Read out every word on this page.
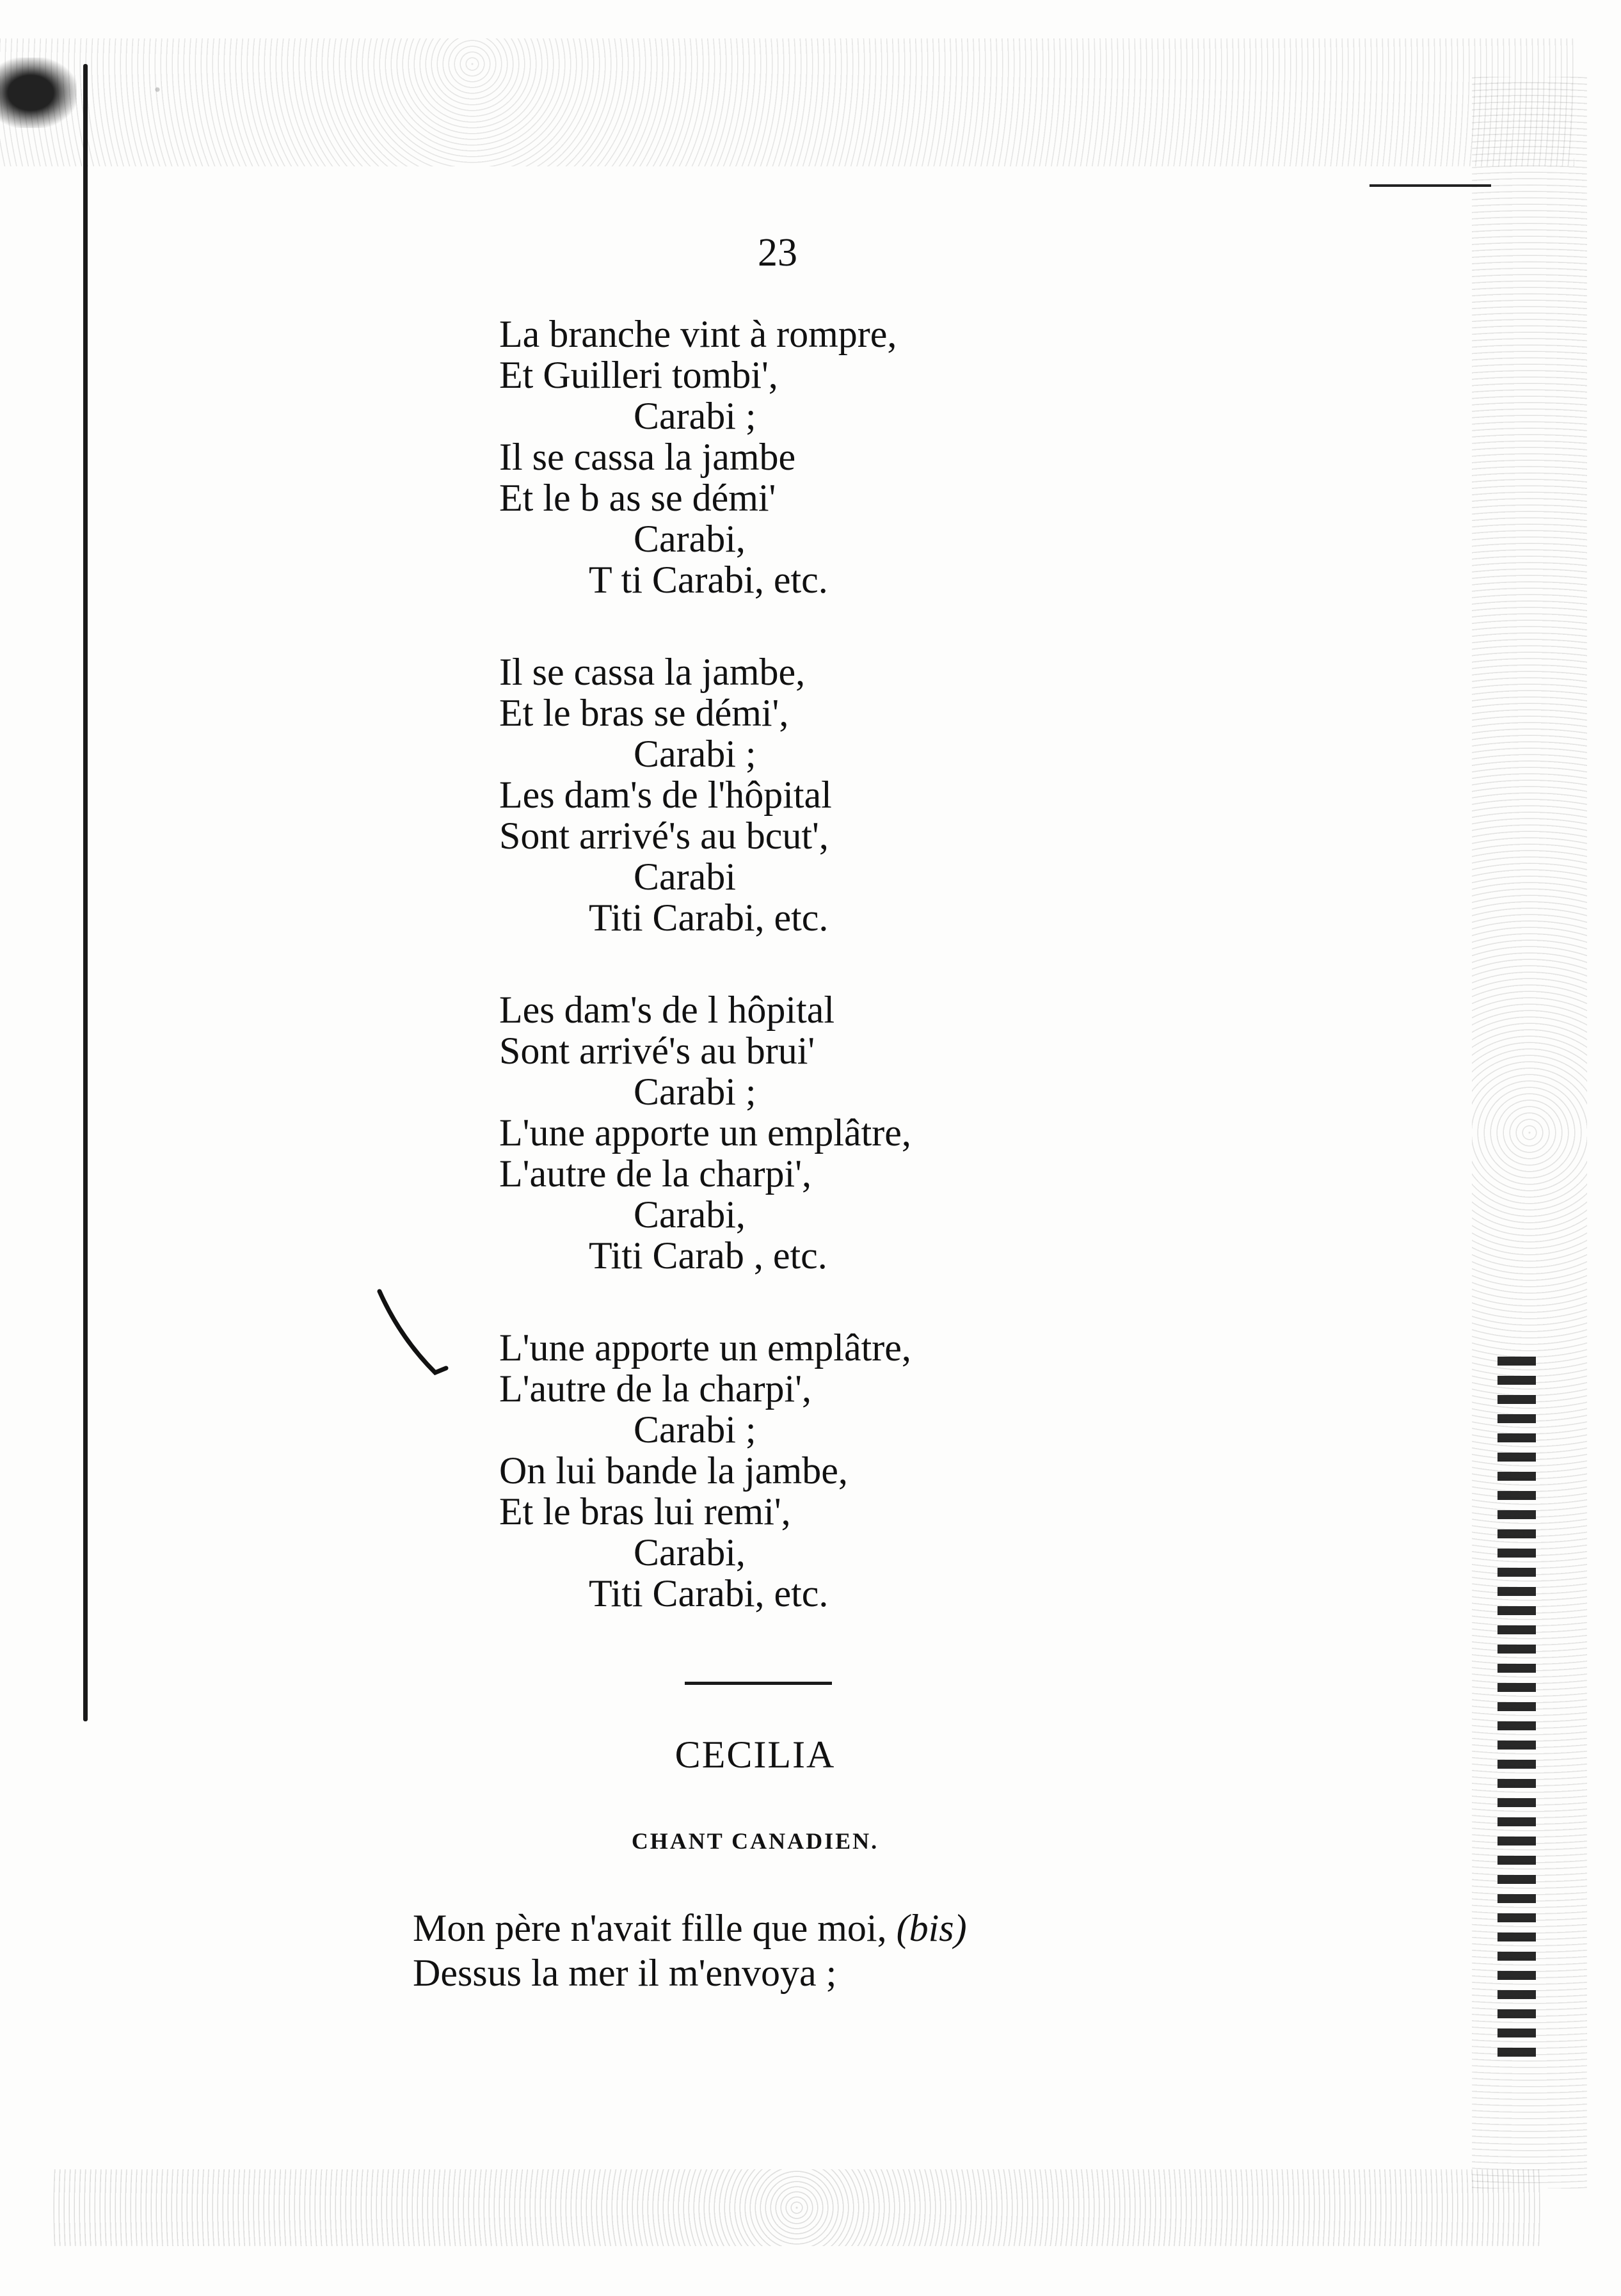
23
La branche vint à rompre,
Et Guilleri tombi',
Carabi ;
Il se cassa la jambe
Et le b as se démi'
Carabi,
T ti Carabi, etc.
Il se cassa la jambe,
Et le bras se démi',
Carabi ;
Les dam's de l'hôpital
Sont arrivé's au bcut',
Carabi
Titi Carabi, etc.
Les dam's de l hôpital
Sont arrivé's au brui'
Carabi ;
L'une apporte un emplâtre,
L'autre de la charpi',
Carabi,
Titi Carab , etc.
L'une apporte un emplâtre,
L'autre de la charpi',
Carabi ;
On lui bande la jambe,
Et le bras lui remi',
Carabi,
Titi Carabi, etc.
CECILIA
CHANT CANADIEN.
Mon père n'avait fille que moi, (bis)
Dessus la mer il m'envoya ;
